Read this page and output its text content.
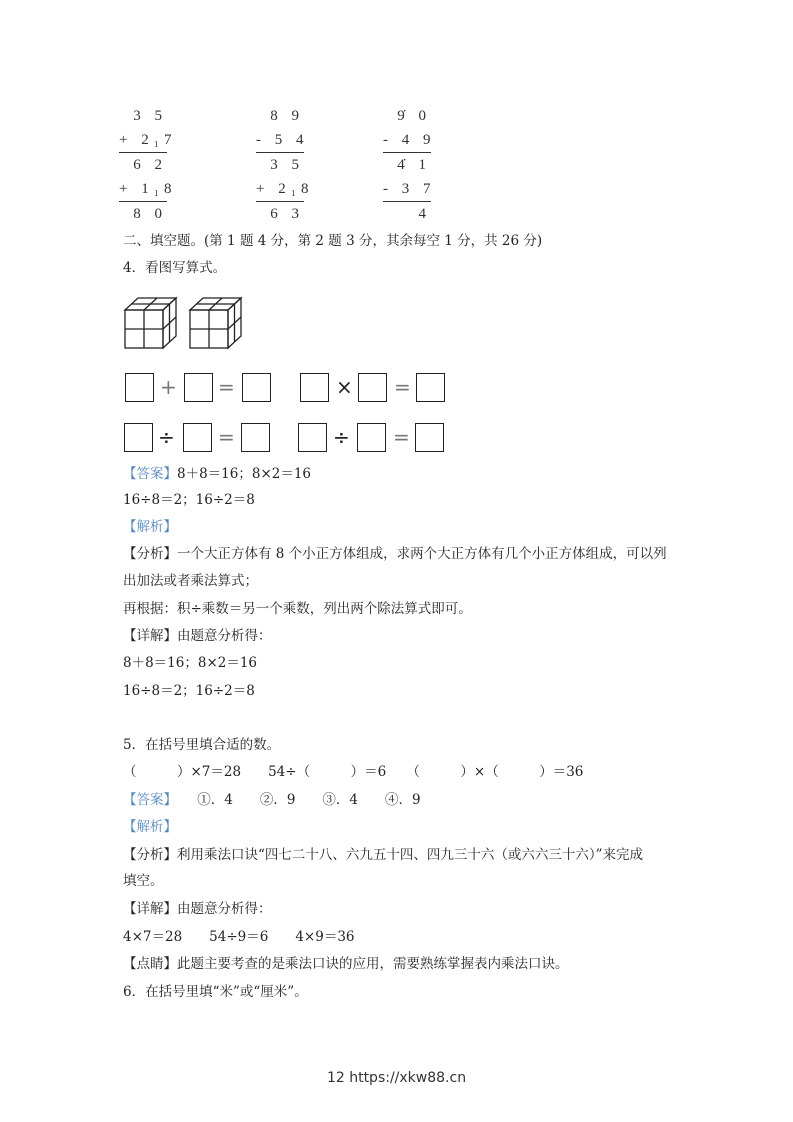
3 5
+ 2₁7
6 2
+ 1₁8
8 0
8 9
- 5 4
3 5
+ 2₁8
6 3
9̇ 0
- 4 9
4̇ 1
- 3 7
4
二、填空题。(第 1 题 4 分，第 2 题 3 分，其余每空 1 分，共 26 分)
4．看图写算式。
+ =	× =
÷ =	÷ =
【答案】8＋8＝16；8×2＝16
16÷8＝2；16÷2＝8
【解析】
【分析】一个大正方体有 8 个小正方体组成，求两个大正方体有几个小正方体组成，可以列
出加法或者乘法算式；
再根据：积÷乘数＝另一个乘数，列出两个除法算式即可。
【详解】由题意分析得：
8＋8＝16；8×2＝16
16÷8＝2；16÷2＝8
5．在括号里填合适的数。
（　　　）×7＝28　　54÷（　　　）＝6　　（　　　）×（　　　）＝36
【答案】　　①．4　　②．9　　③．4　　④．9
【解析】
【分析】利用乘法口诀“四七二十八、六九五十四、四九三十六（或六六三十六）”来完成
填空。
【详解】由题意分析得：
4×7＝28　　54÷9＝6　　4×9＝36
【点睛】此题主要考查的是乘法口诀的应用，需要熟练掌握表内乘法口诀。
6．在括号里填“米”或“厘米”。
12 https://xkw88.cn
